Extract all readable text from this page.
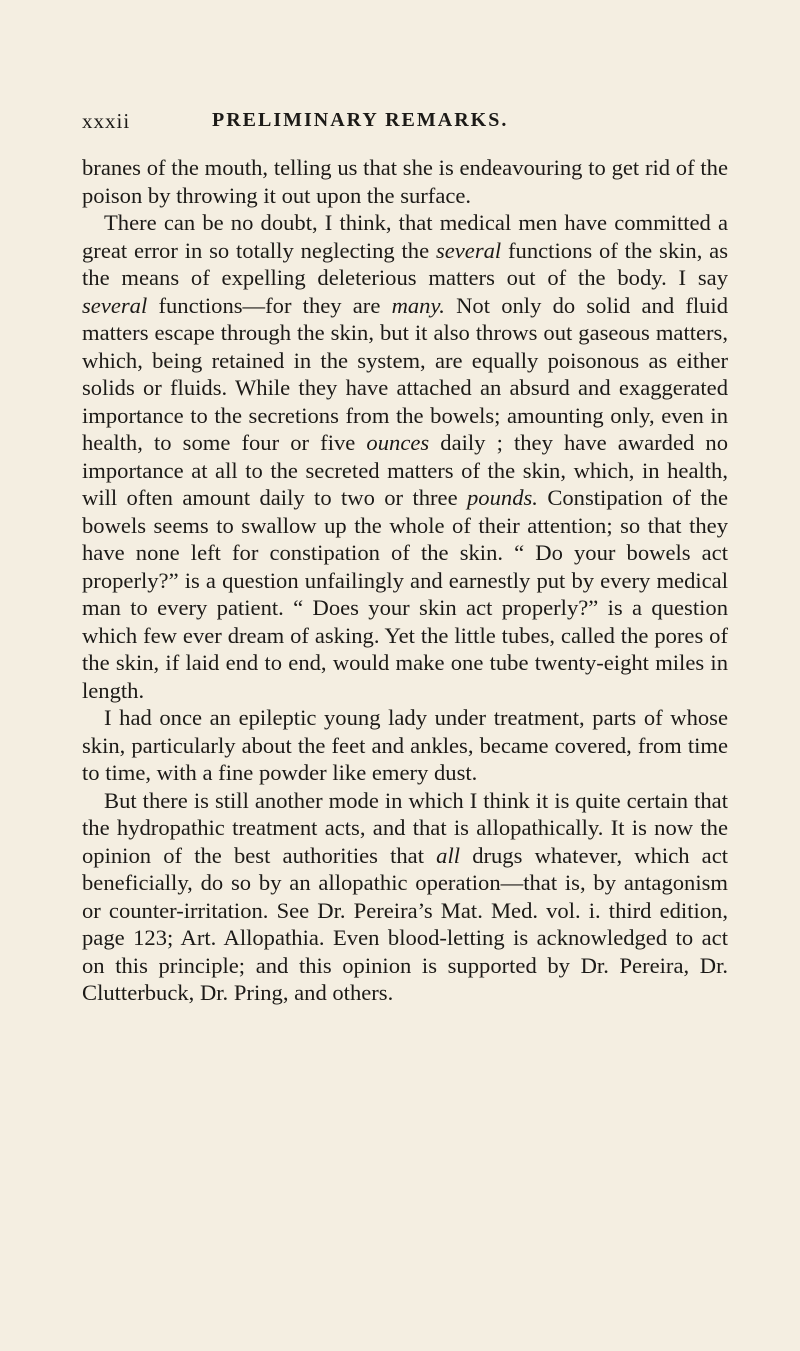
xxxii	PRELIMINARY REMARKS.

branes of the mouth, telling us that she is endeavouring to get rid of the poison by throwing it out upon the surface.

There can be no doubt, I think, that medical men have committed a great error in so totally neglecting the several functions of the skin, as the means of expelling deleterious matters out of the body. I say several functions—for they are many. Not only do solid and fluid matters escape through the skin, but it also throws out gaseous matters, which, being retained in the system, are equally poisonous as either solids or fluids. While they have attached an absurd and exaggerated importance to the secretions from the bowels; amounting only, even in health, to some four or five ounces daily ; they have awarded no importance at all to the secreted matters of the skin, which, in health, will often amount daily to two or three pounds. Constipation of the bowels seems to swallow up the whole of their attention; so that they have none left for constipation of the skin. “ Do your bowels act properly?” is a question unfailingly and earnestly put by every medical man to every patient. “ Does your skin act properly?” is a question which few ever dream of asking. Yet the little tubes, called the pores of the skin, if laid end to end, would make one tube twenty-eight miles in length.

I had once an epileptic young lady under treatment, parts of whose skin, particularly about the feet and ankles, became covered, from time to time, with a fine powder like emery dust.

But there is still another mode in which I think it is quite certain that the hydropathic treatment acts, and that is allopathically. It is now the opinion of the best authorities that all drugs whatever, which act beneficially, do so by an allopathic operation—that is, by antagonism or counter-irritation. See Dr. Pereira’s Mat. Med. vol. i. third edition, page 123; Art. Allopathia. Even blood-letting is acknowledged to act on this principle; and this opinion is supported by Dr. Pereira, Dr. Clutterbuck, Dr. Pring, and others.
